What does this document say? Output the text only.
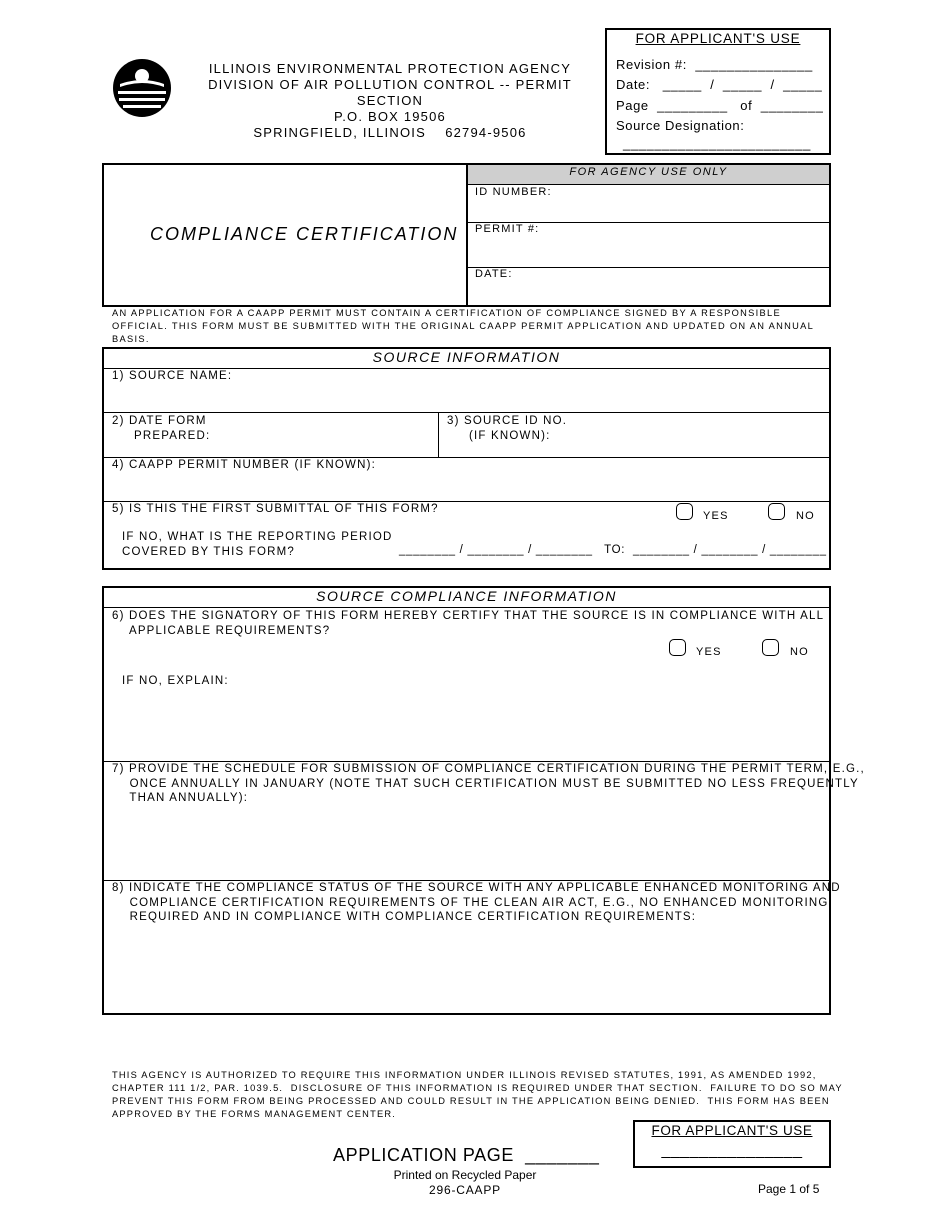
ILLINOIS ENVIRONMENTAL PROTECTION AGENCY
DIVISION OF AIR POLLUTION CONTROL -- PERMIT SECTION
P.O. BOX 19506
SPRINGFIELD, ILLINOIS    62794-9506
FOR APPLICANT'S USE
Revision #:  _______________
Date:   _____  /  _____  /  _____
Page  _________   of  ________
Source Designation:
________________________
COMPLIANCE CERTIFICATION
FOR AGENCY USE ONLY
ID NUMBER:
PERMIT #:
DATE:
AN APPLICATION FOR A CAAPP PERMIT MUST CONTAIN A CERTIFICATION OF COMPLIANCE SIGNED BY A RESPONSIBLE OFFICIAL. THIS FORM MUST BE SUBMITTED WITH THE ORIGINAL CAAPP PERMIT APPLICATION AND UPDATED ON AN ANNUAL BASIS.
SOURCE INFORMATION
1) SOURCE NAME:
2) DATE FORM
PREPARED:
3) SOURCE ID NO.
(IF KNOWN):
4) CAAPP PERMIT NUMBER (IF KNOWN):
5) IS THIS THE FIRST SUBMITTAL OF THIS FORM?
YES	NO
IF NO, WHAT IS THE REPORTING PERIOD
COVERED BY THIS FORM?	________ / ________ / ________   TO:  ________ / ________ / ________
SOURCE COMPLIANCE INFORMATION
6) DOES THE SIGNATORY OF THIS FORM HEREBY CERTIFY THAT THE SOURCE IS IN COMPLIANCE WITH ALL
APPLICABLE REQUIREMENTS?
YES	NO
IF NO, EXPLAIN:
7) PROVIDE THE SCHEDULE FOR SUBMISSION OF COMPLIANCE CERTIFICATION DURING THE PERMIT TERM, E.G.,
ONCE ANNUALLY IN JANUARY (NOTE THAT SUCH CERTIFICATION MUST BE SUBMITTED NO LESS FREQUENTLY
THAN ANNUALLY):
8) INDICATE THE COMPLIANCE STATUS OF THE SOURCE WITH ANY APPLICABLE ENHANCED MONITORING AND
COMPLIANCE CERTIFICATION REQUIREMENTS OF THE CLEAN AIR ACT, E.G., NO ENHANCED MONITORING
REQUIRED AND IN COMPLIANCE WITH COMPLIANCE CERTIFICATION REQUIREMENTS:
THIS AGENCY IS AUTHORIZED TO REQUIRE THIS INFORMATION UNDER ILLINOIS REVISED STATUTES, 1991, AS AMENDED 1992,
CHAPTER 111 1/2, PAR. 1039.5.  DISCLOSURE OF THIS INFORMATION IS REQUIRED UNDER THAT SECTION.  FAILURE TO DO SO MAY
PREVENT THIS FORM FROM BEING PROCESSED AND COULD RESULT IN THE APPLICATION BEING DENIED.  THIS FORM HAS BEEN
APPROVED BY THE FORMS MANAGEMENT CENTER.
APPLICATION PAGE  _______
Printed on Recycled Paper
296-CAAPP
FOR APPLICANT'S USE
_______________
Page 1 of 5
